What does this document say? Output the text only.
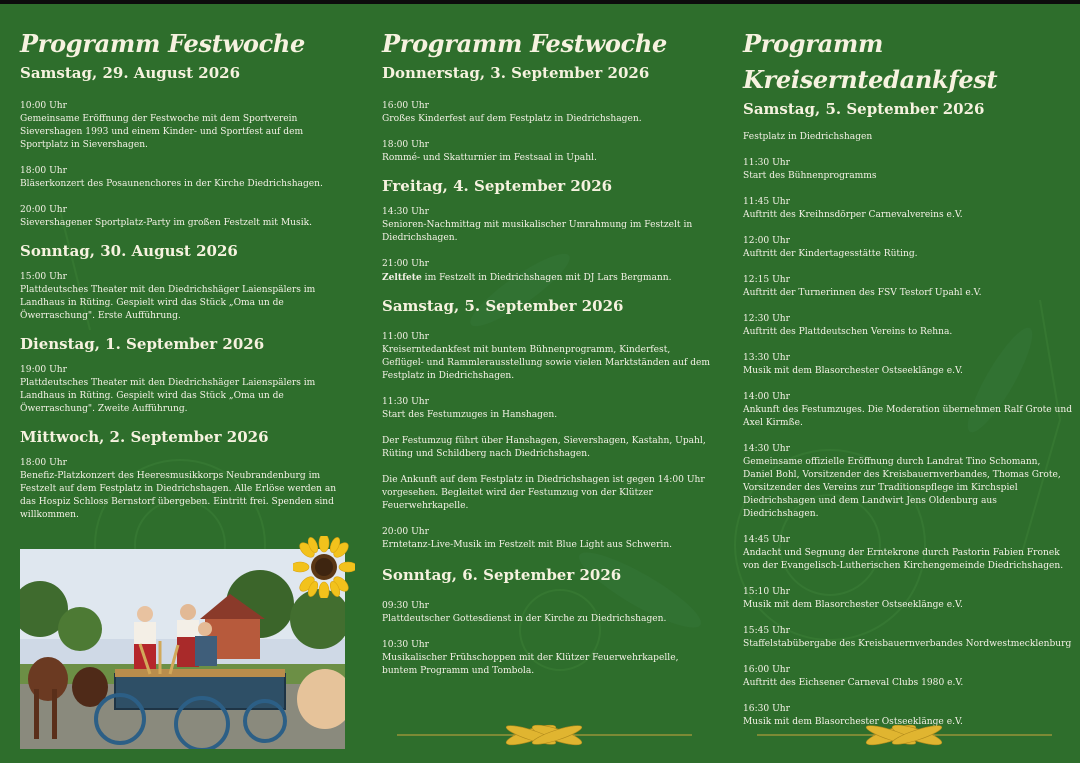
Programm Festwoche
Samstag, 29. August 2026

10:00 Uhr
Gemeinsame Eröffnung der Festwoche mit dem Sportverein Sievershagen 1993 und einem Kinder- und Sportfest auf dem Sportplatz in Sievershagen.

18:00 Uhr
Bläserkonzert des Posaunenchores in der Kirche Diedrichshagen.

20:00 Uhr
Sievershagener Sportplatz-Party im großen Festzelt mit Musik.

Sonntag, 30. August 2026

15:00 Uhr
Plattdeutsches Theater mit den Diedrichshäger Laienspälers im Landhaus in Rüting. Gespielt wird das Stück „Oma un de Öwerraschung". Erste Aufführung.

Dienstag, 1. September 2026

19:00 Uhr
Plattdeutsches Theater mit den Diedrichshäger Laienspälers im Landhaus in Rüting. Gespielt wird das Stück „Oma un de Öwerraschung". Zweite Aufführung.

Mittwoch, 2. September 2026

18:00 Uhr
Benefiz-Platzkonzert des Heeresmusikkorps Neubrandenburg im Festzelt auf dem Festplatz in Diedrichshagen. Alle Erlöse werden an das Hospiz Schloss Bernstorf übergeben. Eintritt frei. Spenden sind willkommen.

Programm Festwoche
Donnerstag, 3. September 2026

16:00 Uhr
Großes Kinderfest auf dem Festplatz in Diedrichshagen.

18:00 Uhr
Rommé- und Skatturnier im Festsaal in Upahl.

Freitag, 4. September 2026

14:30 Uhr
Senioren-Nachmittag mit musikalischer Umrahmung im Festzelt in Diedrichshagen.

21:00 Uhr
Zeltfete im Festzelt in Diedrichshagen mit DJ Lars Bergmann.

Samstag, 5. September 2026

11:00 Uhr
Kreiserntedankfest mit buntem Bühnenprogramm, Kinderfest, Geflügel- und Rammlerausstellung sowie vielen Marktständen auf dem Festplatz in Diedrichshagen.

11:30 Uhr
Start des Festumzuges in Hanshagen.

Der Festumzug führt über Hanshagen, Sievershagen, Kastahn, Upahl, Rüting und Schildberg nach Diedrichshagen.

Die Ankunft auf dem Festplatz in Diedrichshagen ist gegen 14:00 Uhr vorgesehen. Begleitet wird der Festumzug von der Klützer Feuerwehrkapelle.

20:00 Uhr
Erntetanz-Live-Musik im Festzelt mit Blue Light aus Schwerin.

Sonntag, 6. September 2026

09:30 Uhr
Plattdeutscher Gottesdienst in der Kirche zu Diedrichshagen.

10:30 Uhr
Musikalischer Frühschoppen mit der Klützer Feuerwehrkapelle, buntem Programm und Tombola.

Programm Kreiserntedankfest
Samstag, 5. September 2026

Festplatz in Diedrichshagen

11:30 Uhr
Start des Bühnenprogramms

11:45 Uhr
Auftritt des Kreihnsdörper Carnevalvereins e.V.

12:00 Uhr
Auftritt der Kindertagesstätte Rüting.

12:15 Uhr
Auftritt der Turnerinnen des FSV Testorf Upahl e.V.

12:30 Uhr
Auftritt des Plattdeutschen Vereins to Rehna.

13:30 Uhr
Musik mit dem Blasorchester Ostseeklänge e.V.

14:00 Uhr
Ankunft des Festumzuges. Die Moderation übernehmen Ralf Grote und Axel Kirmße.

14:30 Uhr
Gemeinsame offizielle Eröffnung durch Landrat Tino Schomann, Daniel Bohl, Vorsitzender des Kreisbauernverbandes, Thomas Grote, Vorsitzender des Vereins zur Traditionspflege im Kirchspiel Diedrichshagen und dem Landwirt Jens Oldenburg aus Diedrichshagen.

14:45 Uhr
Andacht und Segnung der Erntekrone durch Pastorin Fabien Fronek von der Evangelisch-Lutherischen Kirchengemeinde Diedrichshagen.

15:10 Uhr
Musik mit dem Blasorchester Ostseeklänge e.V.

15:45 Uhr
Staffelstabübergabe des Kreisbauernverbandes Nordwestmecklenburg

16:00 Uhr
Auftritt des Eichsener Carneval Clubs 1980 e.V.

16:30 Uhr
Musik mit dem Blasorchester Ostseeklänge e.V.
